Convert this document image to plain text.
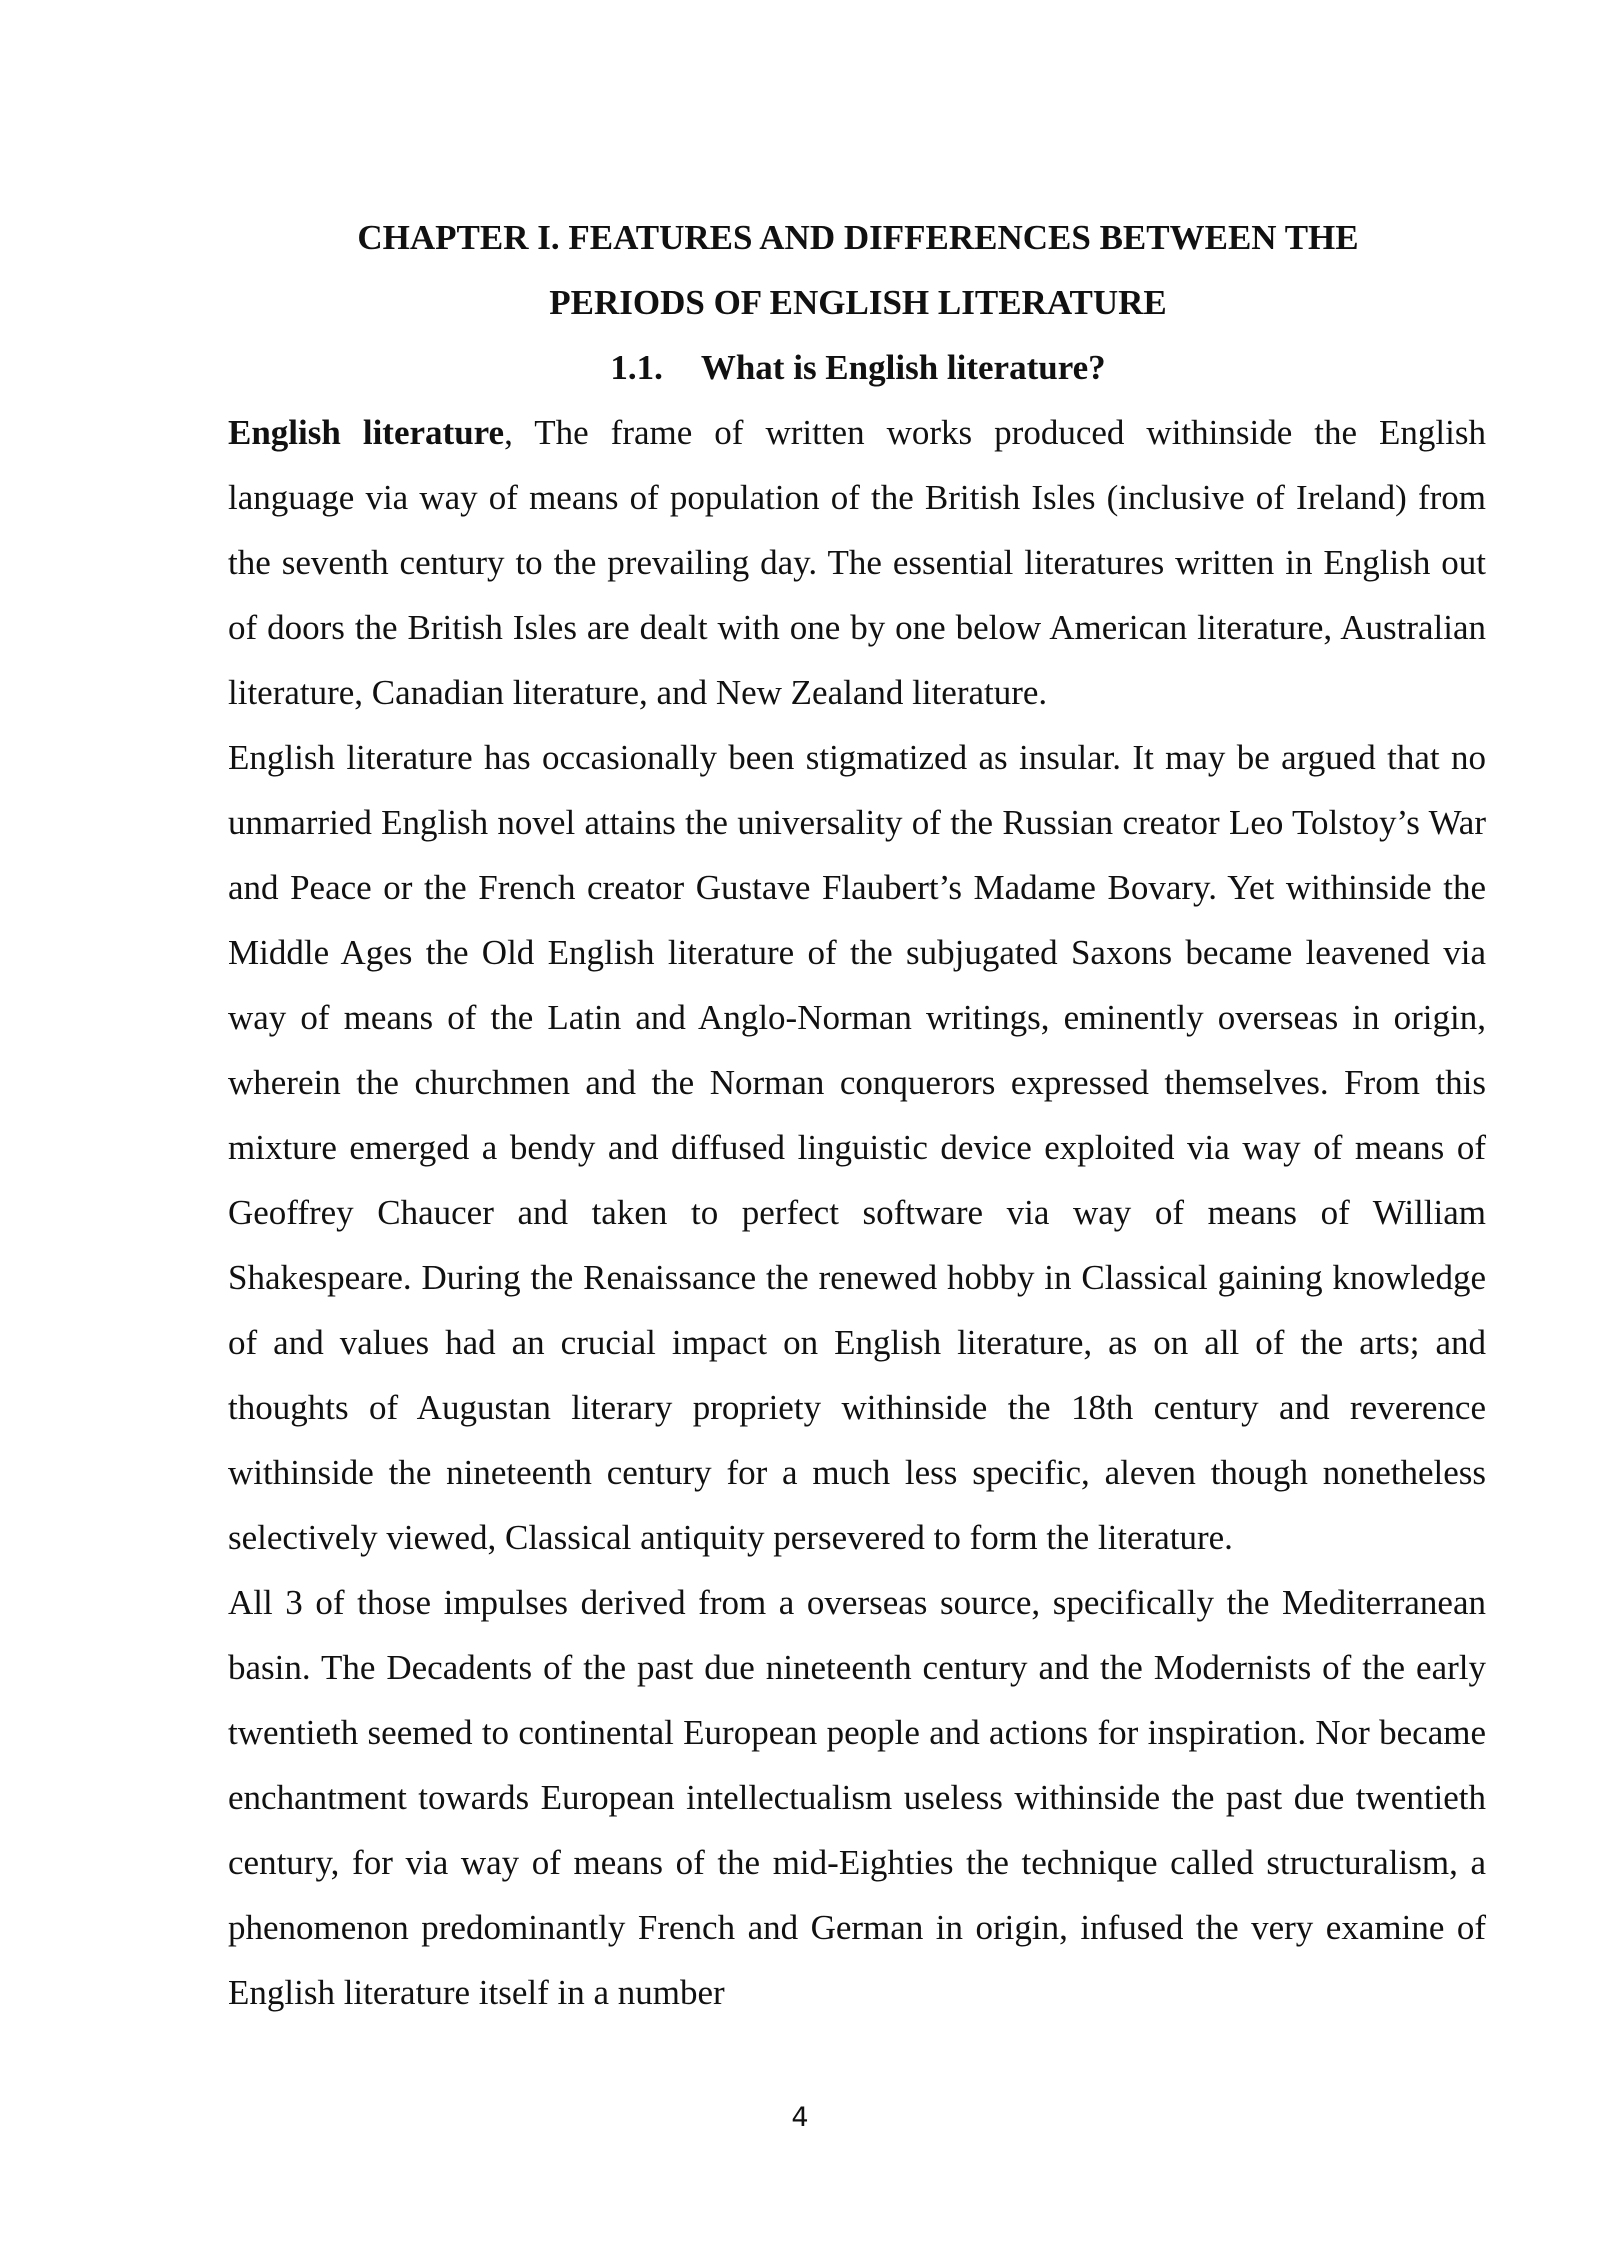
CHAPTER I. FEATURES AND DIFFERENCES BETWEEN THE
PERIODS OF ENGLISH LITERATURE
1.1. What is English literature?

English literature, The frame of written works produced withinside the English language via way of means of population of the British Isles (inclusive of Ireland) from the seventh century to the prevailing day. The essential literatures written in English out of doors the British Isles are dealt with one by one below American literature, Australian literature, Canadian literature, and New Zealand literature.

English literature has occasionally been stigmatized as insular. It may be argued that no unmarried English novel attains the universality of the Russian creator Leo Tolstoy’s War and Peace or the French creator Gustave Flaubert’s Madame Bovary. Yet withinside the Middle Ages the Old English literature of the subjugated Saxons became leavened via way of means of the Latin and Anglo-Norman writings, eminently overseas in origin, wherein the churchmen and the Norman conquerors expressed themselves. From this mixture emerged a bendy and diffused linguistic device exploited via way of means of Geoffrey Chaucer and taken to perfect software via way of means of William Shakespeare. During the Renaissance the renewed hobby in Classical gaining knowledge of and values had an crucial impact on English literature, as on all of the arts; and thoughts of Augustan literary propriety withinside the 18th century and reverence withinside the nineteenth century for a much less specific, aleven though nonetheless selectively viewed, Classical antiquity persevered to form the literature.

All 3 of those impulses derived from a overseas source, specifically the Mediterranean basin. The Decadents of the past due nineteenth century and the Modernists of the early twentieth seemed to continental European people and actions for inspiration. Nor became enchantment towards European intellectualism useless withinside the past due twentieth century, for via way of means of the mid-Eighties the technique called structuralism, a phenomenon predominantly French and German in origin, infused the very examine of English literature itself in a number

4
